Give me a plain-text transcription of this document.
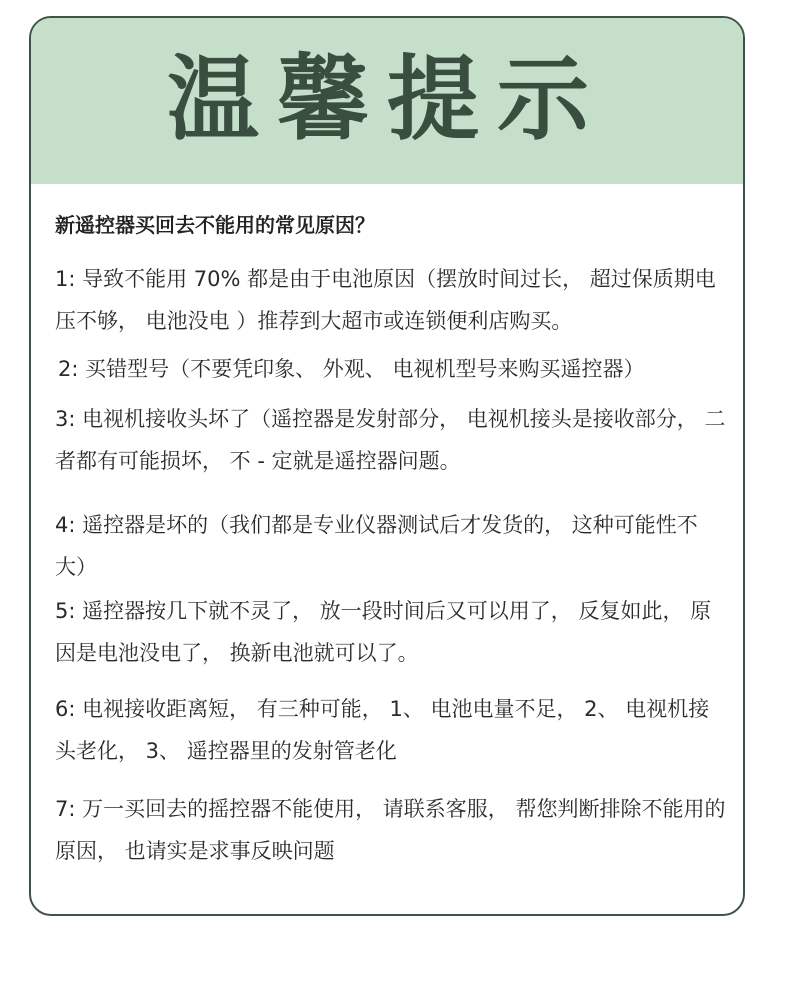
温馨提示
新遥控器买回去不能用的常见原因？
1: 导致不能用 70% 都是由于电池原因（摆放时间过长， 超过保质期电压不够， 电池没电 ）推荐到大超市或连锁便利店购买。
2: 买错型号（不要凭印象、 外观、 电视机型号来购买遥控器）
3: 电视机接收头坏了（遥控器是发射部分， 电视机接头是接收部分， 二者都有可能损坏， 不 - 定就是遥控器问题。
4: 遥控器是坏的（我们都是专业仪器测试后才发货的， 这种可能性不大）
5: 遥控器按几下就不灵了， 放一段时间后又可以用了， 反复如此， 原因是电池没电了， 换新电池就可以了。
6: 电视接收距离短， 有三种可能， 1、 电池电量不足， 2、 电视机接头老化， 3、 遥控器里的发射管老化
7: 万一买回去的摇控器不能使用， 请联系客服， 帮您判断排除不能用的原因， 也请实是求事反映问题
